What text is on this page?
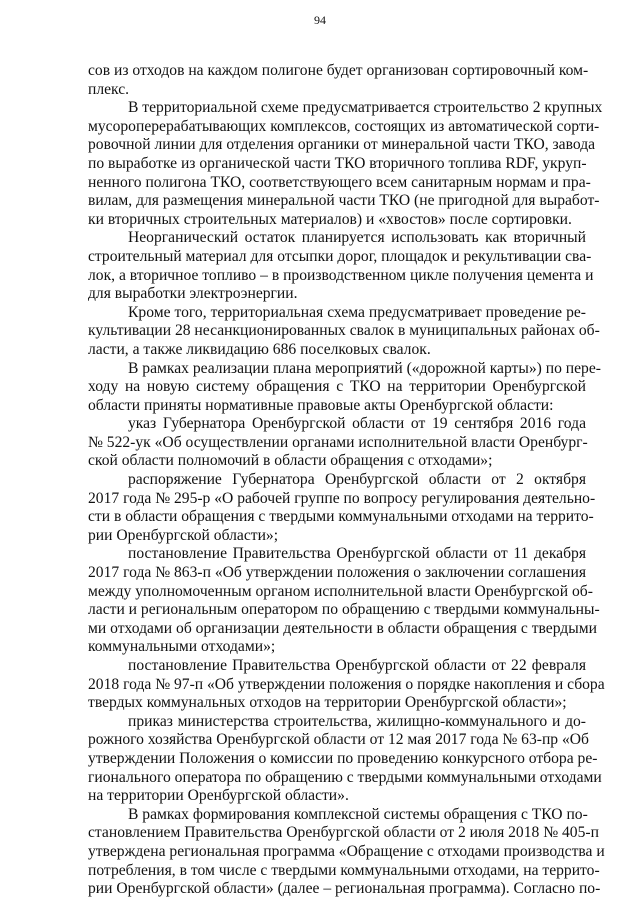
94
сов из отходов на каждом полигоне будет организован сортировочный ком-
плекс.
В территориальной схеме предусматривается строительство 2 крупных
мусороперерабатывающих комплексов, состоящих из автоматической сорти-
ровочной линии для отделения органики от минеральной части ТКО, завода
по выработке из органической части ТКО вторичного топлива RDF, укруп-
ненного полигона ТКО, соответствующего всем санитарным нормам и пра-
вилам, для размещения минеральной части ТКО (не пригодной для выработ-
ки вторичных строительных материалов) и «хвостов» после сортировки.
Неорганический остаток планируется использовать как вторичный
строительный материал для отсыпки дорог, площадок и рекультивации сва-
лок, а вторичное топливо – в производственном цикле получения цемента и
для выработки электроэнергии.
Кроме того, территориальная схема предусматривает проведение ре-
культивации 28 несанкционированных свалок в муниципальных районах об-
ласти, а также ликвидацию 686 поселковых свалок.
В рамках реализации плана мероприятий («дорожной карты») по пере-
ходу на новую систему обращения с ТКО на территории Оренбургской
области приняты нормативные правовые акты Оренбургской области:
указ Губернатора Оренбургской области от 19 сентября 2016 года
№ 522-ук «Об осуществлении органами исполнительной власти Оренбург-
ской области полномочий в области обращения с отходами»;
распоряжение Губернатора Оренбургской области от 2 октября
2017 года № 295-р «О рабочей группе по вопросу регулирования деятельно-
сти в области обращения с твердыми коммунальными отходами на террито-
рии Оренбургской области»;
постановление Правительства Оренбургской области от 11 декабря
2017 года № 863-п «Об утверждении положения о заключении соглашения
между уполномоченным органом исполнительной власти Оренбургской об-
ласти и региональным оператором по обращению с твердыми коммунальны-
ми отходами об организации деятельности в области обращения с твердыми
коммунальными отходами»;
постановление Правительства Оренбургской области от 22 февраля
2018 года № 97-п «Об утверждении положения о порядке накопления и сбора
твердых коммунальных отходов на территории Оренбургской области»;
приказ министерства строительства, жилищно-коммунального и до-
рожного хозяйства Оренбургской области от 12 мая 2017 года № 63-пр «Об
утверждении Положения о комиссии по проведению конкурсного отбора ре-
гионального оператора по обращению с твердыми коммунальными отходами
на территории Оренбургской области».
В рамках формирования комплексной системы обращения с ТКО по-
становлением Правительства Оренбургской области от 2 июля 2018 № 405-п
утверждена региональная программа «Обращение с отходами производства и
потребления, в том числе с твердыми коммунальными отходами, на террито-
рии Оренбургской области» (далее – региональная программа). Согласно по-
